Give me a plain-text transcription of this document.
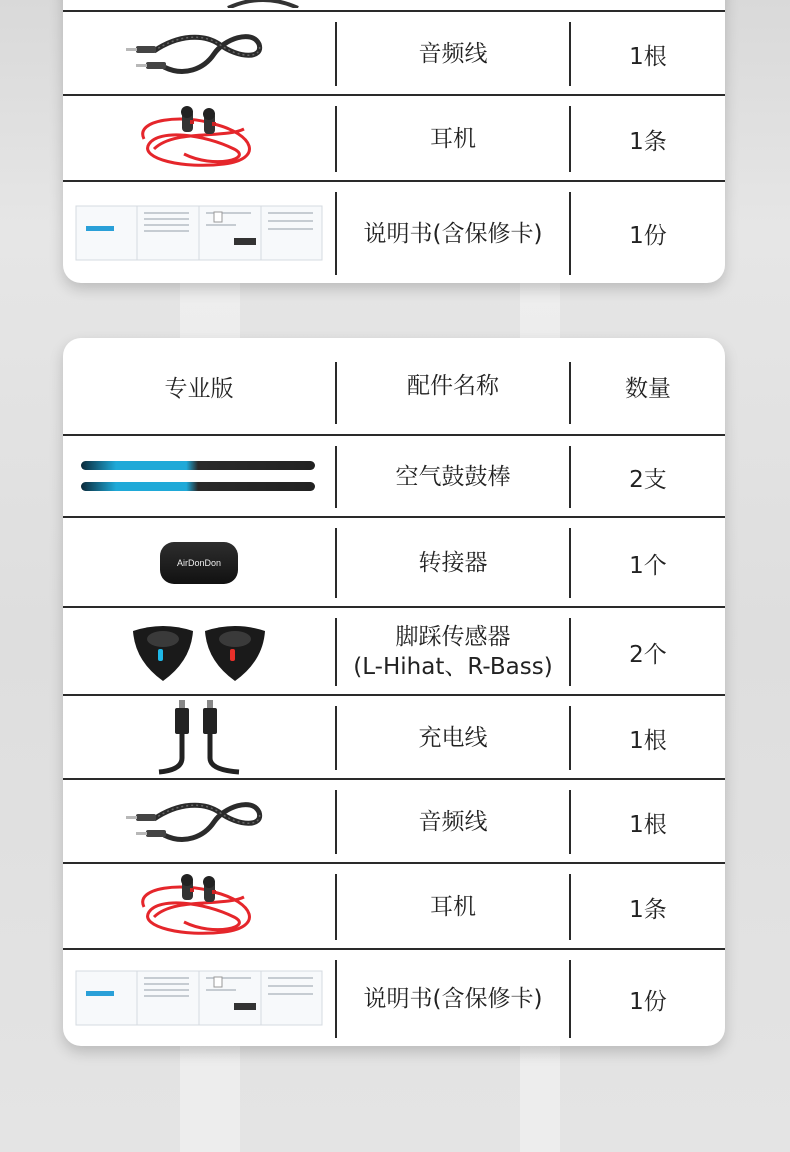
音频线	1根
耳机	1条
说明书(含保修卡)	1份
专业版	配件名称	数量
空气鼓鼓棒	2支
AirDonDon	转接器	1个
脚踩传感器
(L-Hihat、R-Bass)	2个
充电线	1根
音频线	1根
耳机	1条
说明书(含保修卡)	1份
